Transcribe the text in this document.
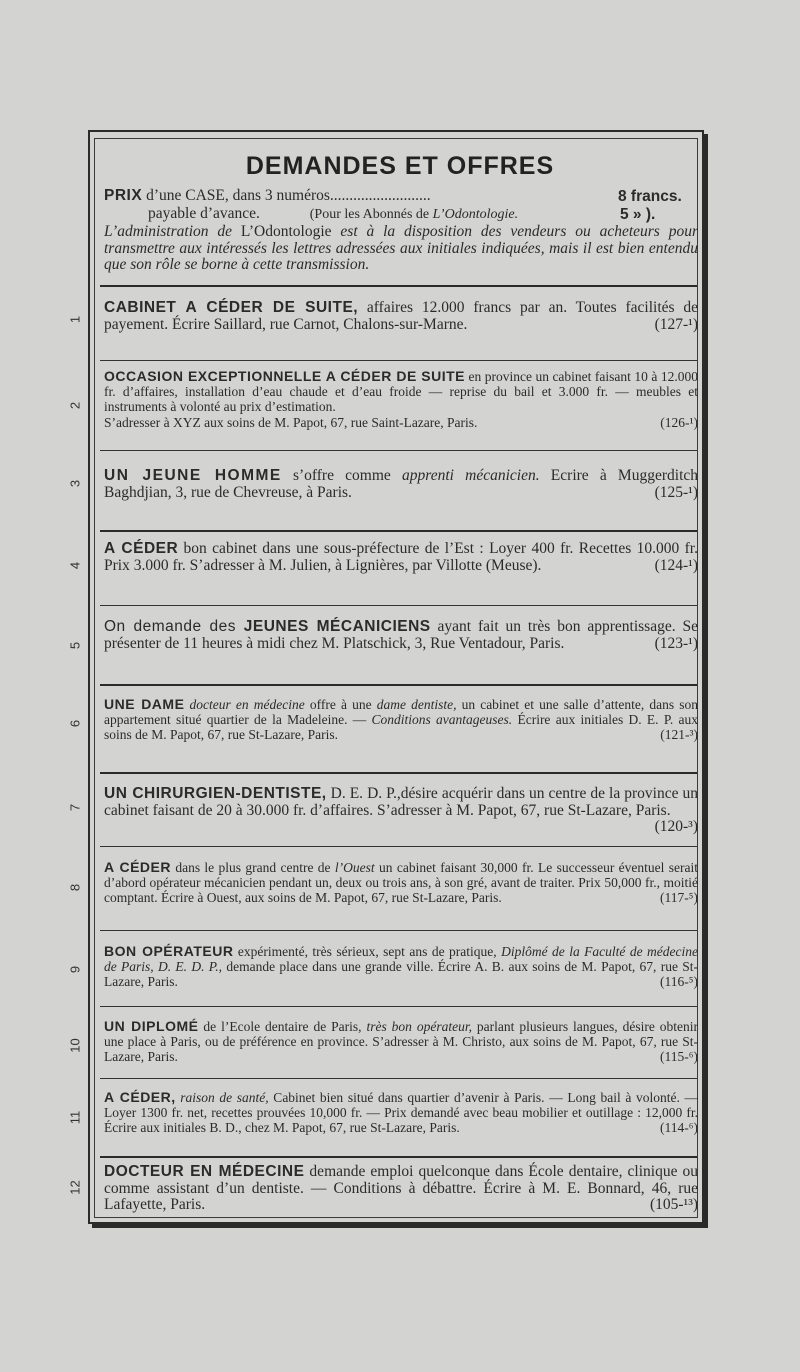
DEMANDES ET OFFRES
PRIX d’une CASE, dans 3 numéros..........................	8 francs.
payable d’avance.	(Pour les Abonnés de L’Odontologie.	5 » ).
L’administration de L’Odontologie est à la disposition des vendeurs ou acheteurs pour transmettre aux intéressés les lettres adressées aux initiales indiquées, mais il est bien entendu que son rôle se borne à cette transmission.
1
CABINET A CÉDER DE SUITE, affaires 12.000 francs par an. Toutes facilités de payement. Écrire Saillard, rue Carnot, Chalons-sur-Marne.	(127-¹)
2
OCCASION EXCEPTIONNELLE A CÉDER DE SUITE en province un cabinet faisant 10 à 12.000 fr. d’affaires, installation d’eau chaude et d’eau froide — reprise du bail et 3.000 fr. — meubles et instruments à volonté au prix d’estimation.
S’adresser à XYZ aux soins de M. Papot, 67, rue Saint-Lazare, Paris.	(126-¹)
3 UN JEUNE HOMME s’offre comme apprenti mécanicien. Ecrire à Muggerditch Baghdjian, 3, rue de Chevreuse, à Paris.	(125-¹)
4
A CÉDER bon cabinet dans une sous-préfecture de l’Est : Loyer 400 fr. Recettes 10.000 fr. Prix 3.000 fr. S’adresser à M. Julien, à Lignières, par Villotte (Meuse).	(124-¹)
5
On demande des JEUNES MÉCANICIENS ayant fait un très bon apprentissage. Se présenter de 11 heures à midi chez M. Platschick, 3, Rue Ventadour, Paris.	(123-¹)
6
UNE DAME docteur en médecine offre à une dame dentiste, un cabinet et une salle d’attente, dans son appartement situé quartier de la Madeleine. — Conditions avantageuses. Écrire aux initiales D. E. P. aux soins de M. Papot, 67, rue St-Lazare, Paris.	(121-³)
7
UN CHIRURGIEN-DENTISTE, D. E. D. P.,désire acquérir dans un centre de la province un cabinet faisant de 20 à 30.000 fr. d’affaires. S’adresser à M. Papot, 67, rue St-Lazare, Paris.
(120-³)
8
A CÉDER dans le plus grand centre de l’Ouest un cabinet faisant 30,000 fr. Le successeur éventuel serait d’abord opérateur mécanicien pendant un, deux ou trois ans, à son gré, avant de traiter. Prix 50,000 fr., moitié comptant. Écrire à Ouest, aux soins de M. Papot, 67, rue St-Lazare, Paris.	(117-⁵)
9
BON OPÉRATEUR expérimenté, très sérieux, sept ans de pratique, Diplômé de la Faculté de médecine de Paris, D. E. D. P., demande place dans une grande ville. Écrire A. B. aux soins de M. Papot, 67, rue St-Lazare, Paris.	(116-⁵)
10
UN DIPLOMÉ de l’Ecole dentaire de Paris, très bon opérateur, parlant plusieurs langues, désire obtenir une place à Paris, ou de préférence en province. S’adresser à M. Christo, aux soins de M. Papot, 67, rue St-Lazare, Paris.	(115-⁶)
11
A CÉDER, raison de santé, Cabinet bien situé dans quartier d’avenir à Paris. — Long bail à volonté. — Loyer 1300 fr. net, recettes prouvées 10,000 fr. — Prix demandé avec beau mobilier et outillage : 12,000 fr. Écrire aux initiales B. D., chez M. Papot, 67, rue St-Lazare, Paris.	(114-⁶)
12
DOCTEUR EN MÉDECINE demande emploi quelconque dans École dentaire, clinique ou comme assistant d’un dentiste. — Conditions à débattre. Écrire à M. E. Bonnard, 46, rue Lafayette, Paris.	(105-¹³)
